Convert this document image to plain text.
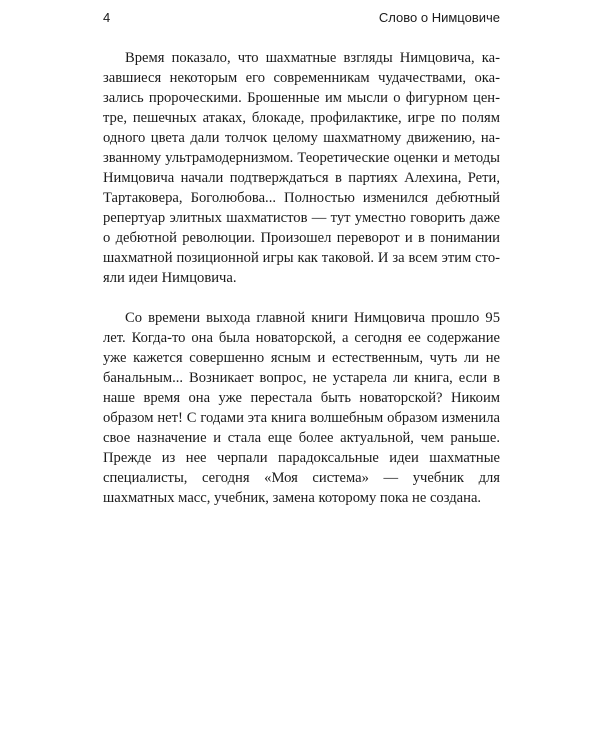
4	Слово о Нимцовиче

Время показало, что шахматные взгляды Нимцовича, казавшиеся некоторым его современникам чудачествами, оказались пророческими. Брошенные им мысли о фигурном центре, пешечных атаках, блокаде, профилактике, игре по полям одного цвета дали толчок целому шахматному движению, названному ультрамодернизмом. Теоретические оценки и методы Нимцовича начали подтверждаться в партиях Алехина, Рети, Тартаковера, Боголюбова... Полностью изменился дебютный репертуар элитных шахматистов — тут уместно говорить даже о дебютной революции. Произошел переворот и в понимании шахматной позиционной игры как таковой. И за всем этим стояли идеи Нимцовича.

Со времени выхода главной книги Нимцовича прошло 95 лет. Когда-то она была новаторской, а сегодня ее содержание уже кажется совершенно ясным и естественным, чуть ли не банальным... Возникает вопрос, не устарела ли книга, если в наше время она уже перестала быть новаторской? Никоим образом нет! С годами эта книга волшебным образом изменила свое назначение и стала еще более актуальной, чем раньше. Прежде из нее черпали парадоксальные идеи шахматные специалисты, сегодня «Моя система» — учебник для шахматных масс, учебник, замена которому пока не создана.
